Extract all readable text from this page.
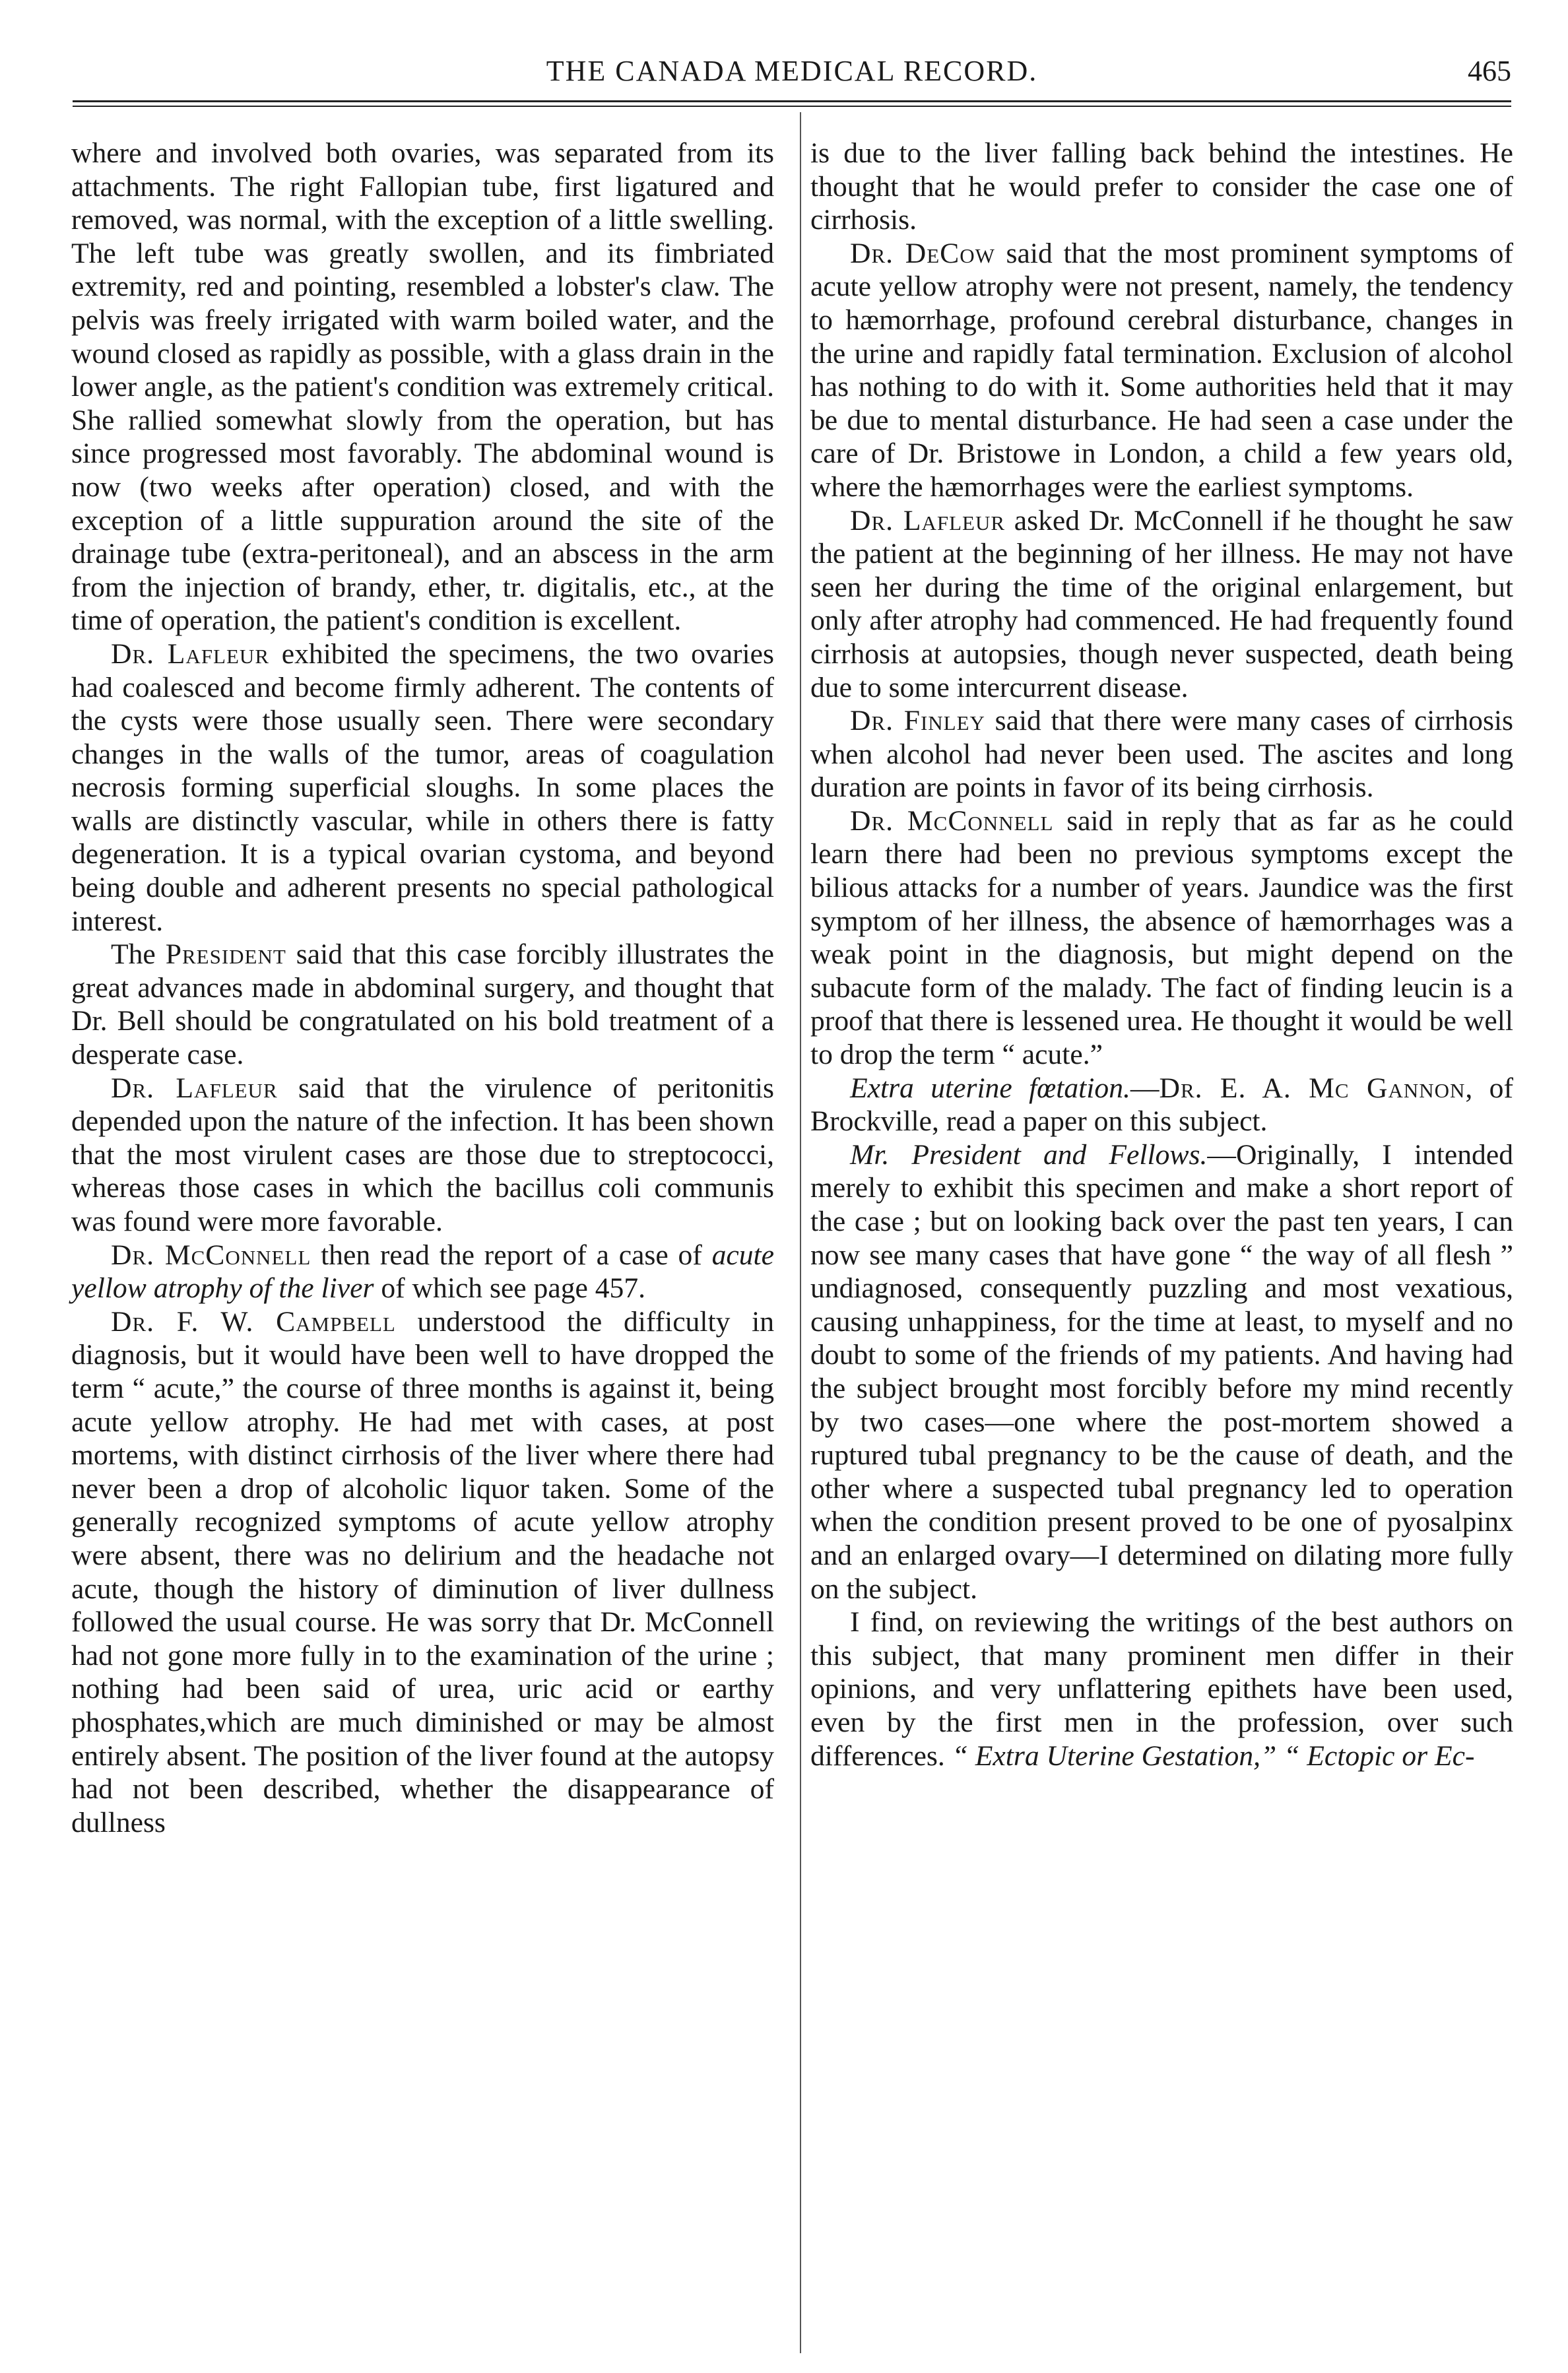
THE CANADA MEDICAL RECORD.	465

where and involved both ovaries, was separated from its attachments. The right Fallopian tube, first ligatured and removed, was normal, with the exception of a little swelling. The left tube was greatly swollen, and its fimbriated extremity, red and pointing, resembled a lobster's claw. The pelvis was freely irrigated with warm boiled water, and the wound closed as rapidly as possible, with a glass drain in the lower angle, as the patient's condition was extremely critical. She rallied somewhat slowly from the operation, but has since progressed most favorably. The abdominal wound is now (two weeks after operation) closed, and with the exception of a little suppuration around the site of the drainage tube (extra-peritoneal), and an abscess in the arm from the injection of brandy, ether, tr. digitalis, etc., at the time of operation, the patient's condition is excellent.

Dr. Lafleur exhibited the specimens, the two ovaries had coalesced and become firmly adherent. The contents of the cysts were those usually seen. There were secondary changes in the walls of the tumor, areas of coagulation necrosis forming superficial sloughs. In some places the walls are distinctly vascular, while in others there is fatty degeneration. It is a typical ovarian cystoma, and beyond being double and adherent presents no special pathological interest.

The President said that this case forcibly illustrates the great advances made in abdominal surgery, and thought that Dr. Bell should be congratulated on his bold treatment of a desperate case.

Dr. Lafleur said that the virulence of peritonitis depended upon the nature of the infection. It has been shown that the most virulent cases are those due to streptococci, whereas those cases in which the bacillus coli communis was found were more favorable.

Dr. McConnell then read the report of a case of acute yellow atrophy of the liver of which see page 457.

Dr. F. W. Campbell understood the difficulty in diagnosis, but it would have been well to have dropped the term “ acute,” the course of three months is against it, being acute yellow atrophy. He had met with cases, at post mortems, with distinct cirrhosis of the liver where there had never been a drop of alcoholic liquor taken. Some of the generally recognized symptoms of acute yellow atrophy were absent, there was no delirium and the headache not acute, though the history of diminution of liver dullness followed the usual course. He was sorry that Dr. McConnell had not gone more fully in to the examination of the urine ; nothing had been said of urea, uric acid or earthy phosphates,which are much diminished or may be almost entirely absent. The position of the liver found at the autopsy had not been described, whether the disappearance of dullness

is due to the liver falling back behind the intestines. He thought that he would prefer to consider the case one of cirrhosis.

Dr. DeCow said that the most prominent symptoms of acute yellow atrophy were not present, namely, the tendency to hæmorrhage, profound cerebral disturbance, changes in the urine and rapidly fatal termination. Exclusion of alcohol has nothing to do with it. Some authorities held that it may be due to mental disturbance. He had seen a case under the care of Dr. Bristowe in London, a child a few years old, where the hæmorrhages were the earliest symptoms.

Dr. Lafleur asked Dr. McConnell if he thought he saw the patient at the beginning of her illness. He may not have seen her during the time of the original enlargement, but only after atrophy had commenced. He had frequently found cirrhosis at autopsies, though never suspected, death being due to some intercurrent disease.

Dr. Finley said that there were many cases of cirrhosis when alcohol had never been used. The ascites and long duration are points in favor of its being cirrhosis.

Dr. McConnell said in reply that as far as he could learn there had been no previous symptoms except the bilious attacks for a number of years. Jaundice was the first symptom of her illness, the absence of hæmorrhages was a weak point in the diagnosis, but might depend on the subacute form of the malady. The fact of finding leucin is a proof that there is lessened urea. He thought it would be well to drop the term “ acute.”

Extra uterine fœtation.—Dr. E. A. Mc Gannon, of Brockville, read a paper on this subject.

Mr. President and Fellows.—Originally, I intended merely to exhibit this specimen and make a short report of the case ; but on looking back over the past ten years, I can now see many cases that have gone “ the way of all flesh ” undiagnosed, consequently puzzling and most vexatious, causing unhappiness, for the time at least, to myself and no doubt to some of the friends of my patients. And having had the subject brought most forcibly before my mind recently by two cases—one where the post-mortem showed a ruptured tubal pregnancy to be the cause of death, and the other where a suspected tubal pregnancy led to operation when the condition present proved to be one of pyosalpinx and an enlarged ovary—I determined on dilating more fully on the subject.

I find, on reviewing the writings of the best authors on this subject, that many prominent men differ in their opinions, and very unflattering epithets have been used, even by the first men in the profession, over such differences. “ Extra Uterine Gestation,” “ Ectopic or Ec-
